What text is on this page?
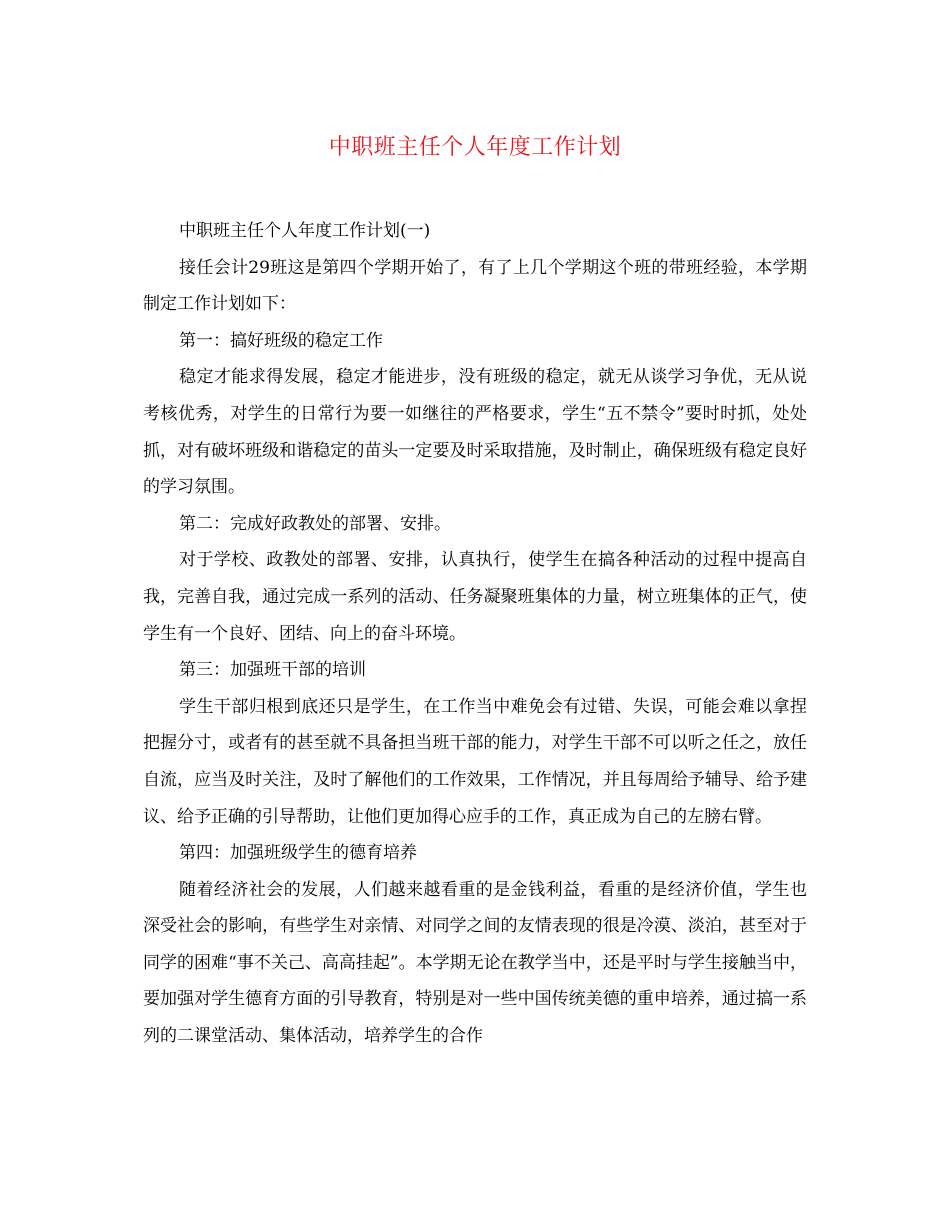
中职班主任个人年度工作计划

中职班主任个人年度工作计划(一)

接任会计29班这是第四个学期开始了，有了上几个学期这个班的带班经验，本学期制定工作计划如下：

第一：搞好班级的稳定工作

稳定才能求得发展，稳定才能进步，没有班级的稳定，就无从谈学习争优，无从说考核优秀，对学生的日常行为要一如继往的严格要求，学生“五不禁令”要时时抓，处处抓，对有破坏班级和谐稳定的苗头一定要及时采取措施，及时制止，确保班级有稳定良好的学习氛围。

第二：完成好政教处的部署、安排。

对于学校、政教处的部署、安排，认真执行，使学生在搞各种活动的过程中提高自我，完善自我，通过完成一系列的活动、任务凝聚班集体的力量，树立班集体的正气，使学生有一个良好、团结、向上的奋斗环境。

第三：加强班干部的培训

学生干部归根到底还只是学生，在工作当中难免会有过错、失误，可能会难以拿捏把握分寸，或者有的甚至就不具备担当班干部的能力，对学生干部不可以听之任之，放任自流，应当及时关注，及时了解他们的工作效果，工作情况，并且每周给予辅导、给予建议、给予正确的引导帮助，让他们更加得心应手的工作，真正成为自己的左膀右臂。

第四：加强班级学生的德育培养

随着经济社会的发展，人们越来越看重的是金钱利益，看重的是经济价值，学生也深受社会的影响，有些学生对亲情、对同学之间的友情表现的很是冷漠、淡泊，甚至对于同学的困难“事不关己、高高挂起”。本学期无论在教学当中，还是平时与学生接触当中，要加强对学生德育方面的引导教育，特别是对一些中国传统美德的重申培养，通过搞一系列的二课堂活动、集体活动，培养学生的合作
